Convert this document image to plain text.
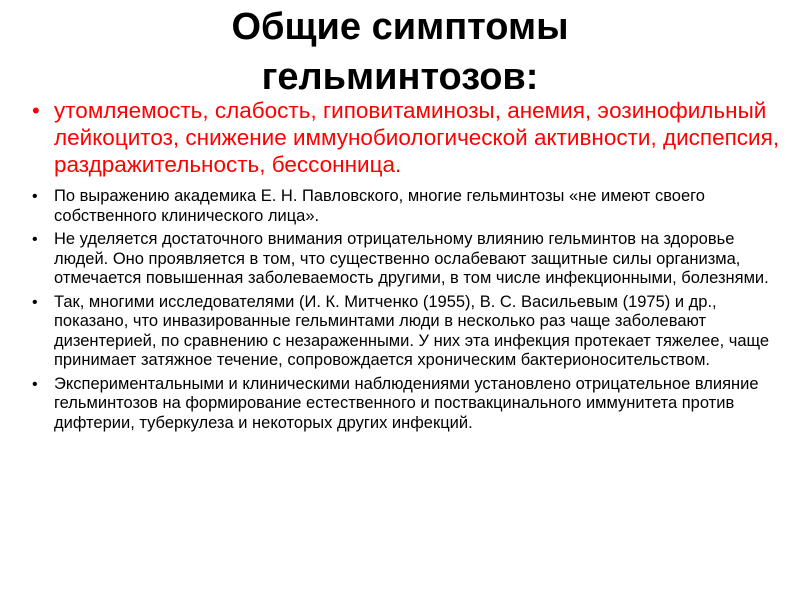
Общие симптомы гельминтозов:
• утомляемость, слабость, гиповитаминозы, анемия, эозинофильный лейкоцитоз, снижение иммунобиологической активности, диспепсия, раздражительность, бессонница.
• По выражению академика Е. Н. Павловского, многие гельминтозы «не имеют своего собственного клинического лица».
• Не уделяется достаточного внимания отрицательному влиянию гельминтов на здоровье людей. Оно проявляется в том, что существенно ослабевают защитные силы организма, отмечается повышенная заболеваемость другими, в том числе инфекционными, болезнями.
• Так, многими исследователями (И. К. Митченко (1955), В. С. Васильевым (1975) и др., показано, что инвазированные гельминтами люди в несколько раз чаще заболевают дизентерией, по сравнению с незараженными. У них эта инфекция протекает тяжелее, чаще принимает затяжное течение, сопровождается хроническим бактерионосительством.
• Экспериментальными и клиническими наблюдениями установлено отрицательное влияние гельминтозов на формирование естественного и поствакцинального иммунитета против дифтерии, туберкулеза и некоторых других инфекций.
